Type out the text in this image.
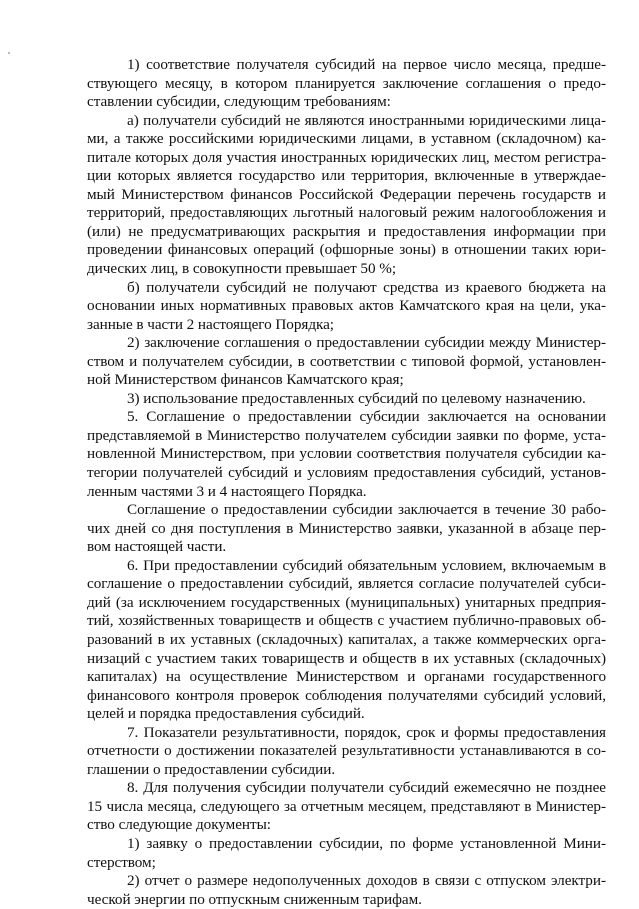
1) соответствие получателя субсидий на первое число месяца, предшествующего месяцу, в котором планируется заключение соглашения о предоставлении субсидии, следующим требованиям:

а) получатели субсидий не являются иностранными юридическими лицами, а также российскими юридическими лицами, в уставном (складочном) капитале которых доля участия иностранных юридических лиц, местом регистрации которых является государство или территория, включенные в утверждаемый Министерством финансов Российской Федерации перечень государств и территорий, предоставляющих льготный налоговый режим налогообложения и (или) не предусматривающих раскрытия и предоставления информации при проведении финансовых операций (офшорные зоны) в отношении таких юридических лиц, в совокупности превышает 50 %;

б) получатели субсидий не получают средства из краевого бюджета на основании иных нормативных правовых актов Камчатского края на цели, указанные в части 2 настоящего Порядка;

2) заключение соглашения о предоставлении субсидии между Министерством и получателем субсидии, в соответствии с типовой формой, установленной Министерством финансов Камчатского края;

3) использование предоставленных субсидий по целевому назначению.

5. Соглашение о предоставлении субсидии заключается на основании представляемой в Министерство получателем субсидии заявки по форме, установленной Министерством, при условии соответствия получателя субсидии категории получателей субсидий и условиям предоставления субсидий, установленным частями 3 и 4 настоящего Порядка.

Соглашение о предоставлении субсидии заключается в течение 30 рабочих дней со дня поступления в Министерство заявки, указанной в абзаце первом настоящей части.

6. При предоставлении субсидий обязательным условием, включаемым в соглашение о предоставлении субсидий, является согласие получателей субсидий (за исключением государственных (муниципальных) унитарных предприятий, хозяйственных товариществ и обществ с участием публично-правовых образований в их уставных (складочных) капиталах, а также коммерческих организаций с участием таких товариществ и обществ в их уставных (складочных) капиталах) на осуществление Министерством и органами государственного финансового контроля проверок соблюдения получателями субсидий условий, целей и порядка предоставления субсидий.

7. Показатели результативности, порядок, срок и формы предоставления отчетности о достижении показателей результативности устанавливаются в соглашении о предоставлении субсидии.

8. Для получения субсидии получатели субсидий ежемесячно не позднее 15 числа месяца, следующего за отчетным месяцем, представляют в Министерство следующие документы:

1) заявку о предоставлении субсидии, по форме установленной Министерством;

2) отчет о размере недополученных доходов в связи с отпуском электрической энергии по отпускным сниженным тарифам.
